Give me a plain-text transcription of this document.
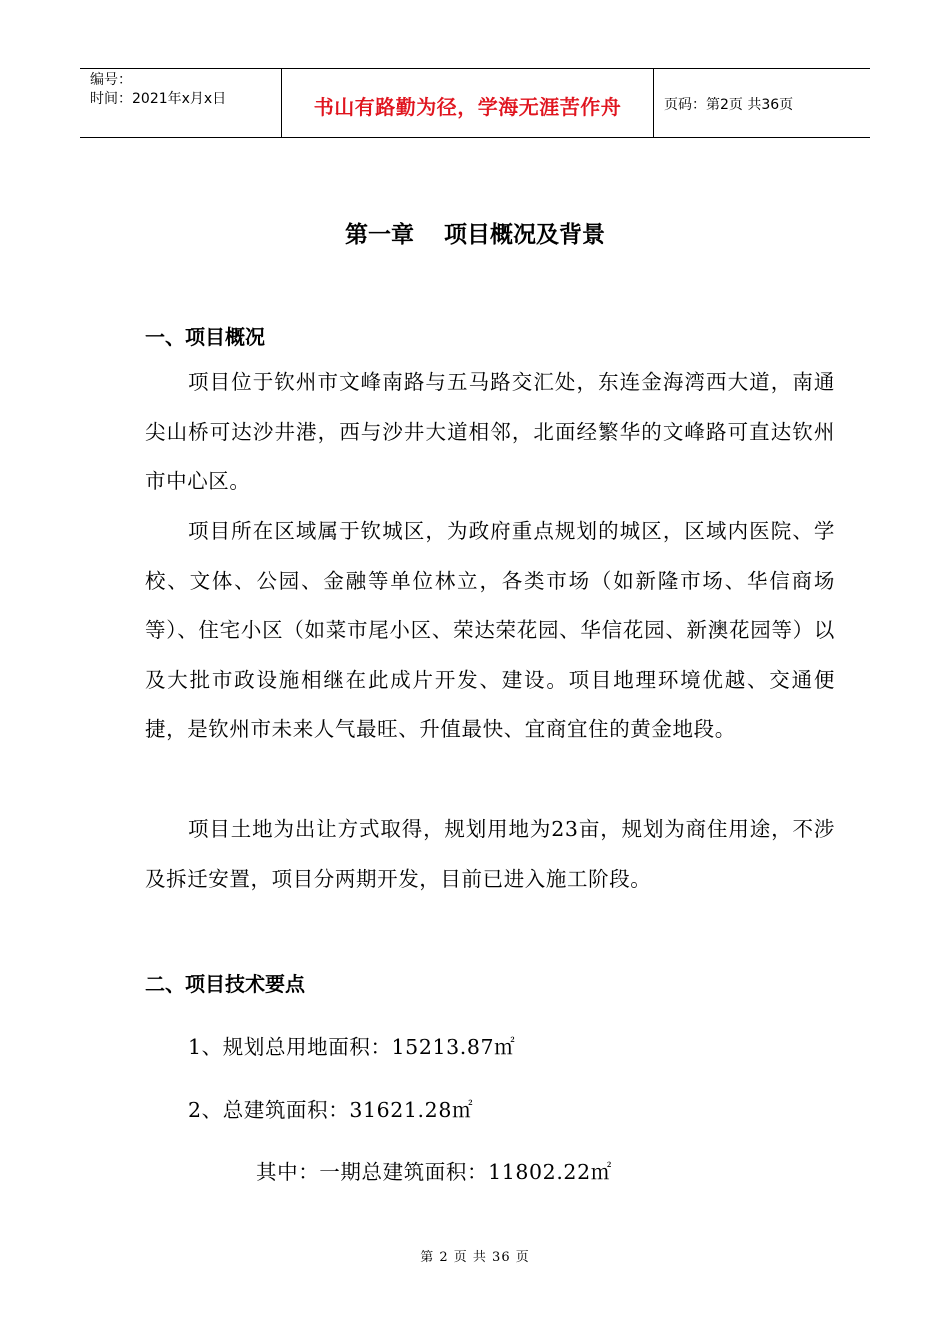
编号：
时间：2021年x月x日	书山有路勤为径，学海无涯苦作舟	页码：第2页 共36页
第一章 项目概况及背景
一、项目概况
项目位于钦州市文峰南路与五马路交汇处，东连金海湾西大道，南通尖山桥可达沙井港，西与沙井大道相邻，北面经繁华的文峰路可直达钦州市中心区。
项目所在区域属于钦城区，为政府重点规划的城区，区域内医院、学校、文体、公园、金融等单位林立，各类市场（如新隆市场、华信商场等）、住宅小区（如菜市尾小区、荣达荣花园、华信花园、新澳花园等）以及大批市政设施相继在此成片开发、建设。项目地理环境优越、交通便捷，是钦州市未来人气最旺、升值最快、宜商宜住的黄金地段。
项目土地为出让方式取得，规划用地为23亩，规划为商住用途，不涉及拆迁安置，项目分两期开发，目前已进入施工阶段。
二、项目技术要点
1、规划总用地面积：15213.87㎡
2、总建筑面积：31621.28㎡
其中：一期总建筑面积：11802.22㎡
第 2 页 共 36 页
